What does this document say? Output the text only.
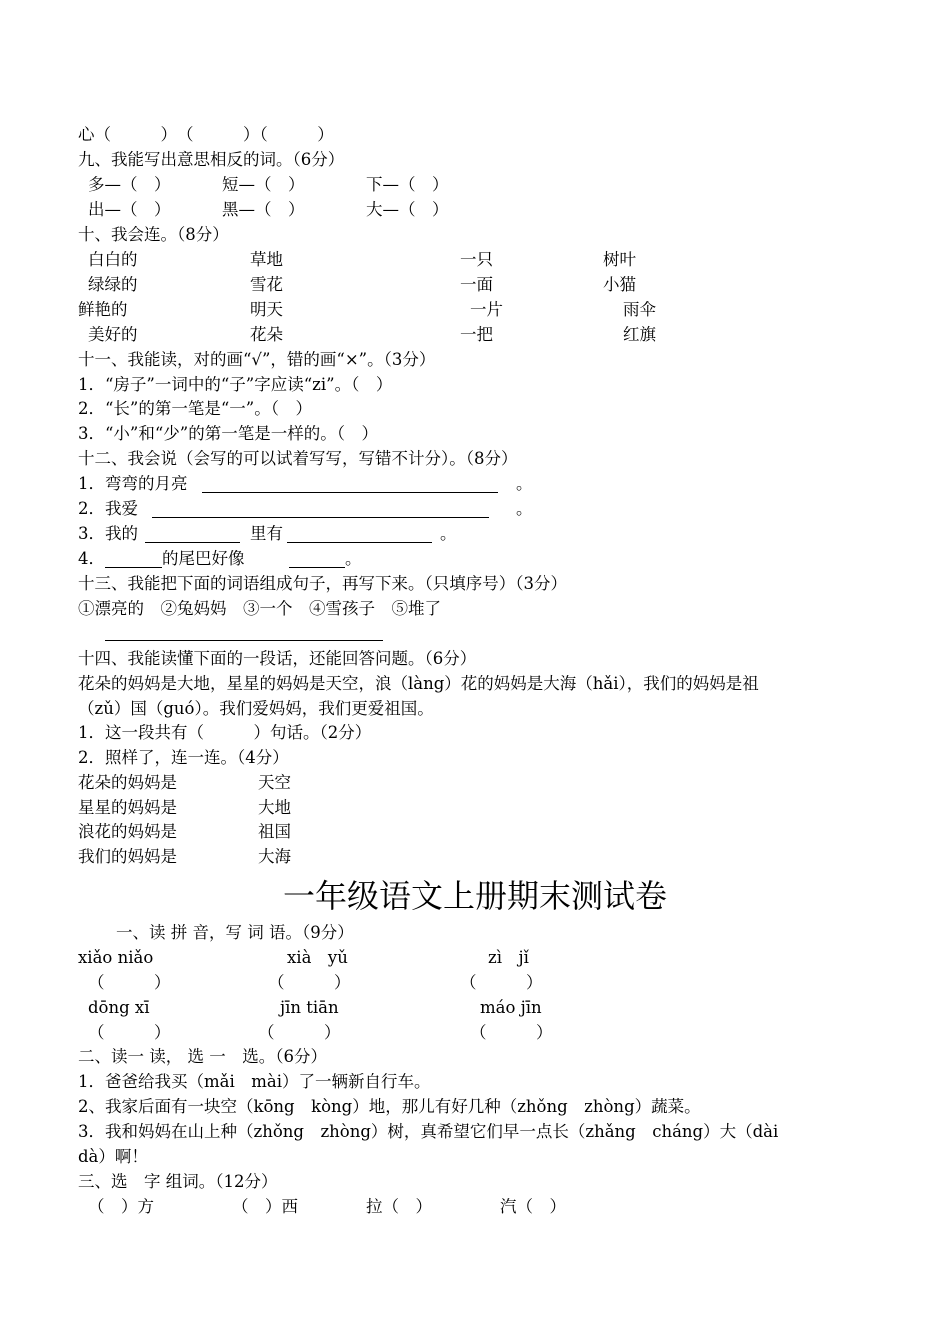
心（　　　）　（　　　）（　　　）
九、我能写出意思相反的词。（6分）
多—（　）	短—（　）	下—（　）
出—（　）	黑—（　）	大—（　）
十、我会连。（8分）
白白的	草地	一只	树叶
绿绿的	雪花	一面	小猫
鲜艳的	明天	一片	雨伞
美好的	花朵	一把	红旗
十一、我能读，对的画“√”，错的画“×”。（3分）
1．“房子”一词中的“子”字应读“zi”。（　）
2．“长”的第一笔是“一”。（　）
3．“小”和“少”的第一笔是一样的。（　）
十二、我会说（会写的可以试着写写，写错不计分）。（8分）
1．弯弯的月亮	。
2．我爱	。
3．我的	里有	。
4．	的尾巴好像	。
十三、我能把下面的词语组成句子，再写下来。（只填序号）（3分）
①漂亮的　②兔妈妈　③一个　④雪孩子　⑤堆了
十四、我能读懂下面的一段话，还能回答问题。（6分）
花朵的妈妈是大地，星星的妈妈是天空，浪（làng）花的妈妈是大海（hǎi），我们的妈妈是祖
（zǔ）国（guó）。我们爱妈妈，我们更爱祖国。
1．这一段共有（　　　）句话。（2分）
2．照样了，连一连。（4分）
花朵的妈妈是	天空
星星的妈妈是	大地
浪花的妈妈是	祖国
我们的妈妈是	大海
一年级语文上册期末测试卷
一、读 拼 音，写 词 语。（9分）
xiǎo niǎo	xià　yǔ	zì　jǐ
（　　　）	（　　　）	（　　　）
dōng xī	jīn tiān	máo jīn
（　　　）	（　　　）	（　　　）
二、读一 读， 选 一　选。（6分）
1．爸爸给我买（mǎi　mài）了一辆新自行车。
2、我家后面有一块空（kōng　kòng）地，那儿有好几种（zhǒng　zhòng）蔬菜。
3．我和妈妈在山上种（zhǒng　zhòng）树，真希望它们早一点长（zhǎng　cháng）大（dài
dà）啊！
三、选　字 组词。（12分）
（　）方	（　）西	拉（　）	汽（　）
